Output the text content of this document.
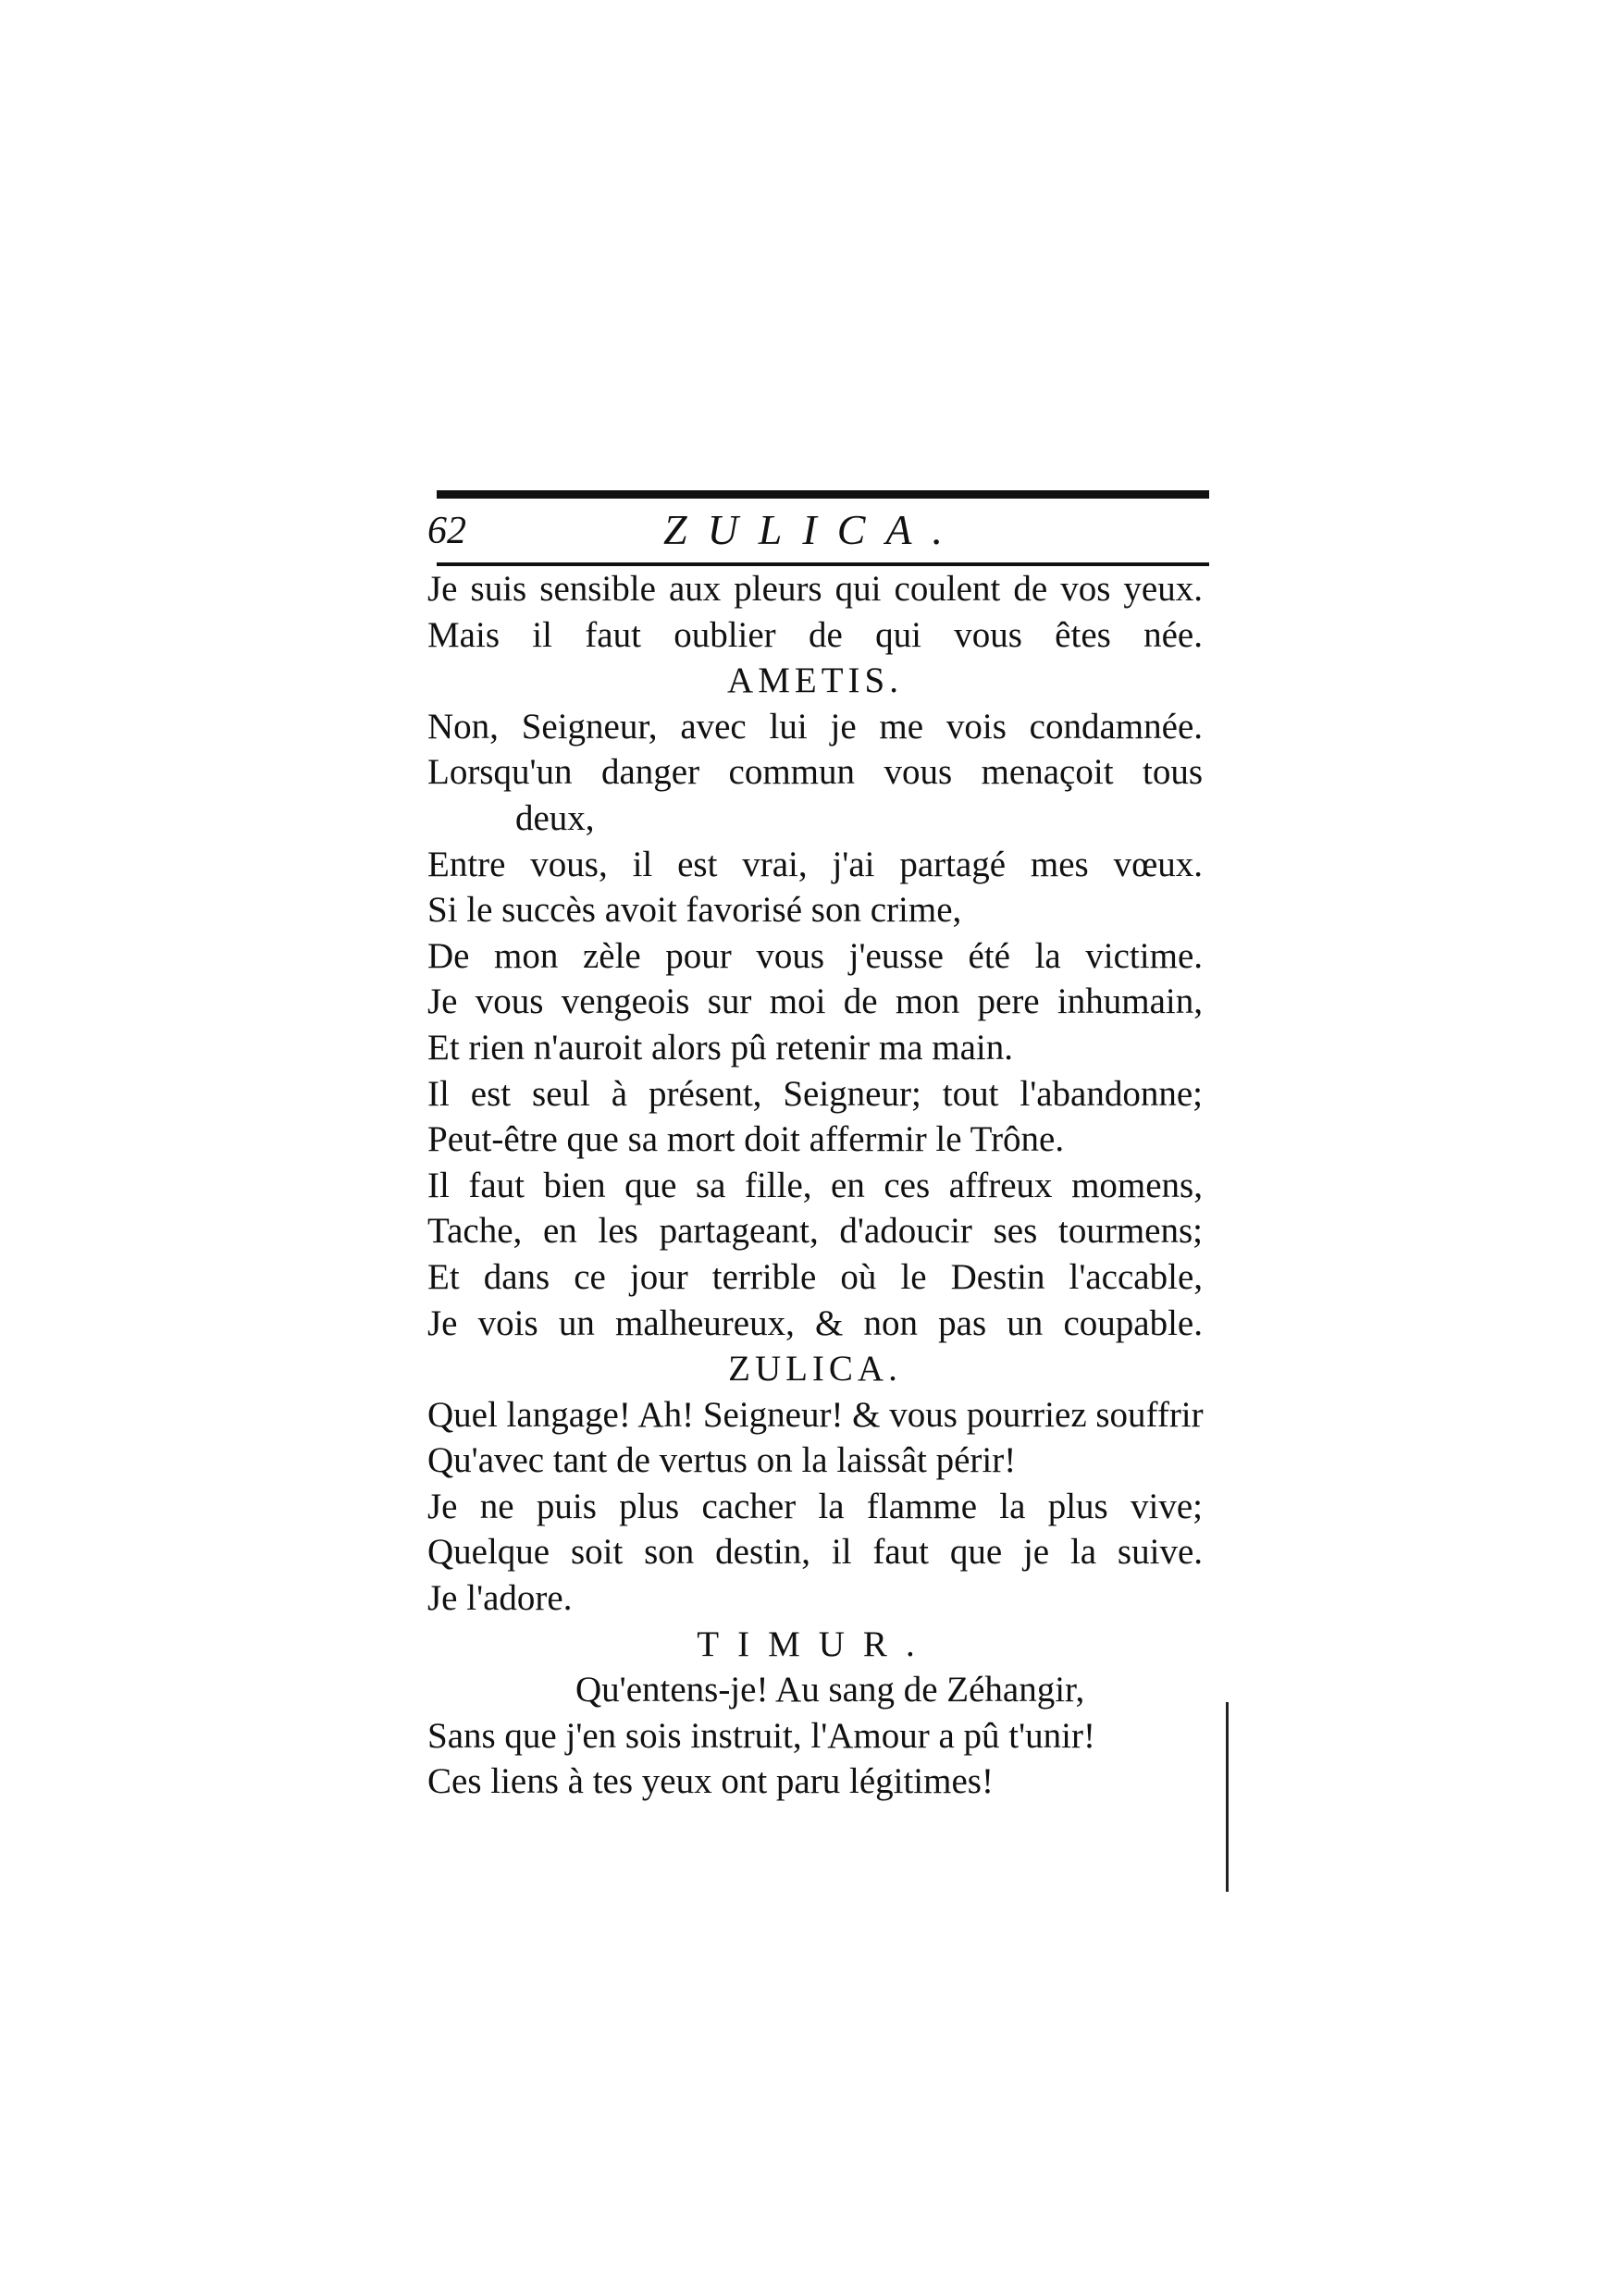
62	ZULICA.
Je suis sensible aux pleurs qui coulent de vos yeux.
Mais il faut oublier de qui vous êtes née.
AMETIS.
Non, Seigneur, avec lui je me vois condamnée.
Lorsqu'un danger commun vous menaçoit tous
deux,
Entre vous, il est vrai, j'ai partagé mes vœux.
Si le succès avoit favorisé son crime,
De mon zèle pour vous j'eusse été la victime.
Je vous vengeois sur moi de mon pere inhumain,
Et rien n'auroit alors pû retenir ma main.
Il est seul à présent, Seigneur; tout l'abandonne;
Peut-être que sa mort doit affermir le Trône.
Il faut bien que sa fille, en ces affreux momens,
Tache, en les partageant, d'adoucir ses tourmens;
Et dans ce jour terrible où le Destin l'accable,
Je vois un malheureux, & non pas un coupable.
ZULICA.
Quel langage! Ah! Seigneur! & vous pourriez souffrir
Qu'avec tant de vertus on la laissât périr!
Je ne puis plus cacher la flamme la plus vive;
Quelque soit son destin, il faut que je la suive.
Je l'adore.
TIMUR.
Qu'entens-je! Au sang de Zéhangir,
Sans que j'en sois instruit, l'Amour a pû t'unir!
Ces liens à tes yeux ont paru légitimes!
